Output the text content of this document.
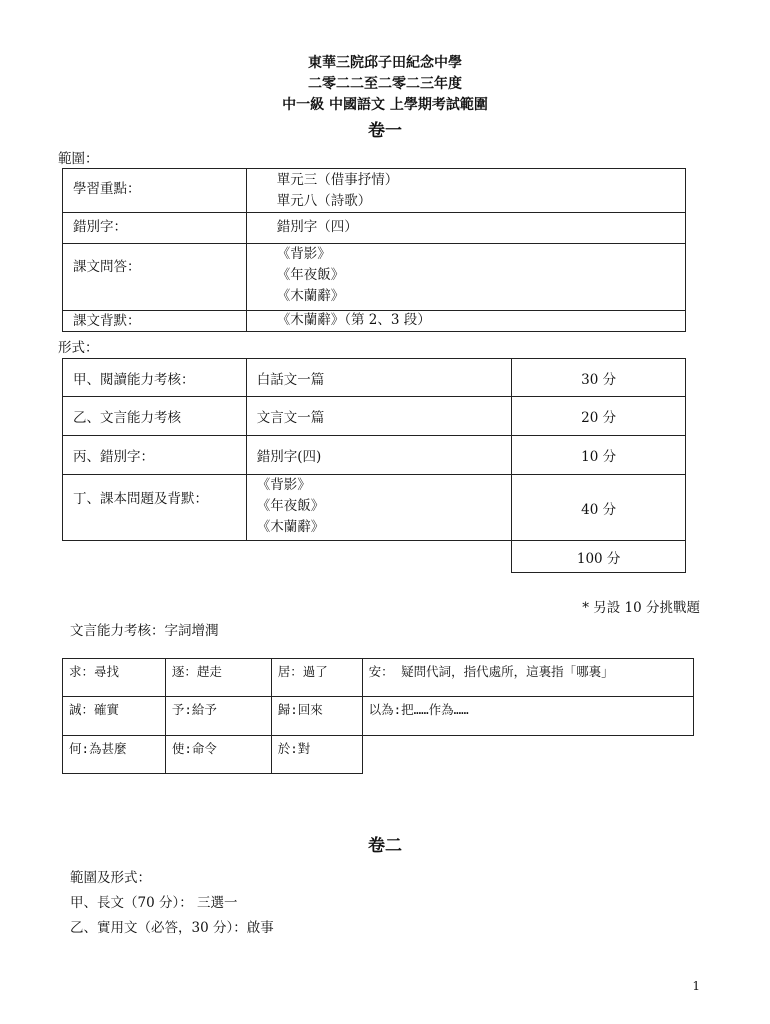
東華三院邱子田紀念中學
二零二二至二零二三年度
中一級 中國語文 上學期考試範圍
卷一
範圍：
學習重點：	單元三（借事抒情）
單元八（詩歌）

錯別字：	錯別字（四）

課文問答：	《背影》
《年夜飯》
《木蘭辭》

課文背默：	《木蘭辭》（第 2、3 段）
形式：
甲、閱讀能力考核：	白話文一篇	30 分
乙、文言能力考核	文言文一篇	20 分
丙、錯別字：	錯別字(四)	10 分
丁、課本問題及背默：	《背影》
《年夜飯》
《木蘭辭》	40 分
		100 分
* 另設 10 分挑戰題
文言能力考核：字詞增潤
求：尋找	逐：趕走	居：過了	安： 疑問代詞，指代處所，這裏指「哪裏」
誠：確實	予:給予	歸:回來	以為:把……作為……
何:為甚麼	使:命令	於:對	
卷二
範圍及形式：
甲、長文（70 分）： 三選一
乙、實用文（必答，30 分）：啟事
1
